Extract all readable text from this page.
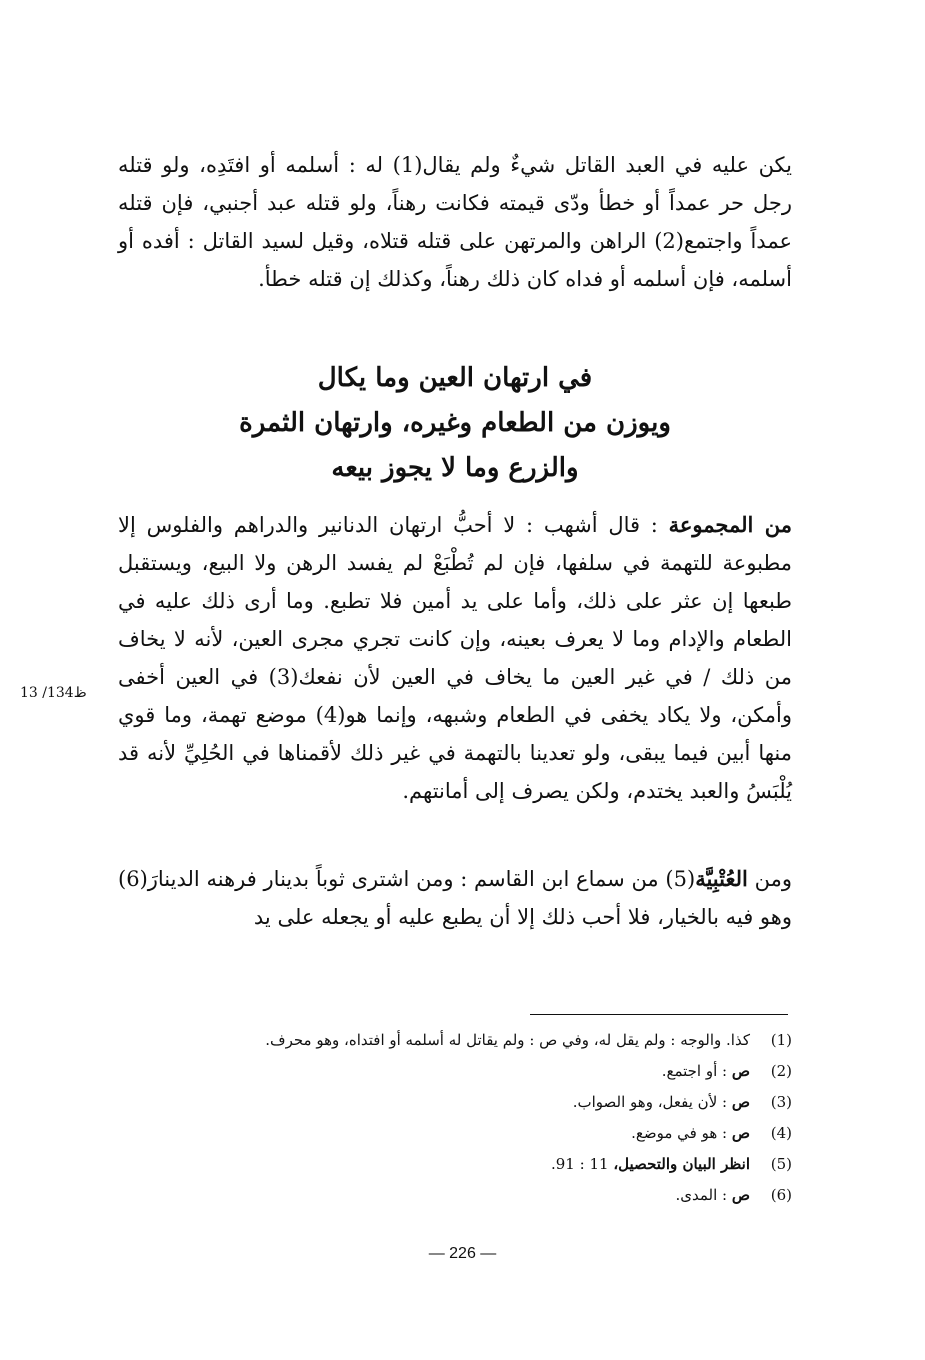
يكن عليه في العبد القاتل شيءٌ ولم يقال(1) له : أسلمه أو افتَدِه، ولو قتله رجل حر عمداً أو خطأ ودّى قيمته فكانت رهناً، ولو قتله عبد أجنبي، فإن قتله عمداً واجتمع(2) الراهن والمرتهن على قتله قتلاه، وقيل لسيد القاتل : أفده أو أسلمه، فإن أسلمه أو فداه كان ذلك رهناً، وكذلك إن قتله خطأ.
في ارتهان العين وما يكال
ويوزن من الطعام وغيره، وارتهان الثمرة
والزرع وما لا يجوز بيعه
من المجموعة : قال أشهب : لا أحبُّ ارتهان الدنانير والدراهم والفلوس إلا مطبوعة للتهمة في سلفها، فإن لم تُطْبَعْ لم يفسد الرهن ولا البيع، ويستقبل طبعها إن عثر على ذلك، وأما على يد أمين فلا تطبع. وما أرى ذلك عليه في الطعام والإدام وما لا يعرف بعينه، وإن كانت تجري مجرى العين، لأنه لا يخاف من ذلك / في غير العين ما يخاف في العين لأن نفعك(3) في العين أخفى وأمكن، ولا يكاد يخفى في الطعام وشبهه، وإنما هو(4) موضع تهمة، وما قوي منها أبين فيما يبقى، ولو تعدينا بالتهمة في غير ذلك لأقمناها في الحُلِيِّ لأنه قد يُلْبَسُ والعبد يختدم، ولكن يصرف إلى أمانتهم.
13 /134ظ
ومن العُتْبِيَّة(5) من سماع ابن القاسم : ومن اشترى ثوباً بدينار فرهنه الدينارَ(6) وهو فيه بالخيار، فلا أحب ذلك إلا أن يطبع عليه أو يجعله على يد
(1)
كذا. والوجه : ولم يقل له، وفي ص : ولم يقاتل له أسلمه أو افتداه، وهو محرف.
(2)
ص : أو اجتمع.
(3)
ص : لأن يفعل، وهو الصواب.
(4)
ص : هو في موضع.
(5)
انظر البيان والتحصيل، 11 : 91.
(6)
ص : المدى.
— 226 —
